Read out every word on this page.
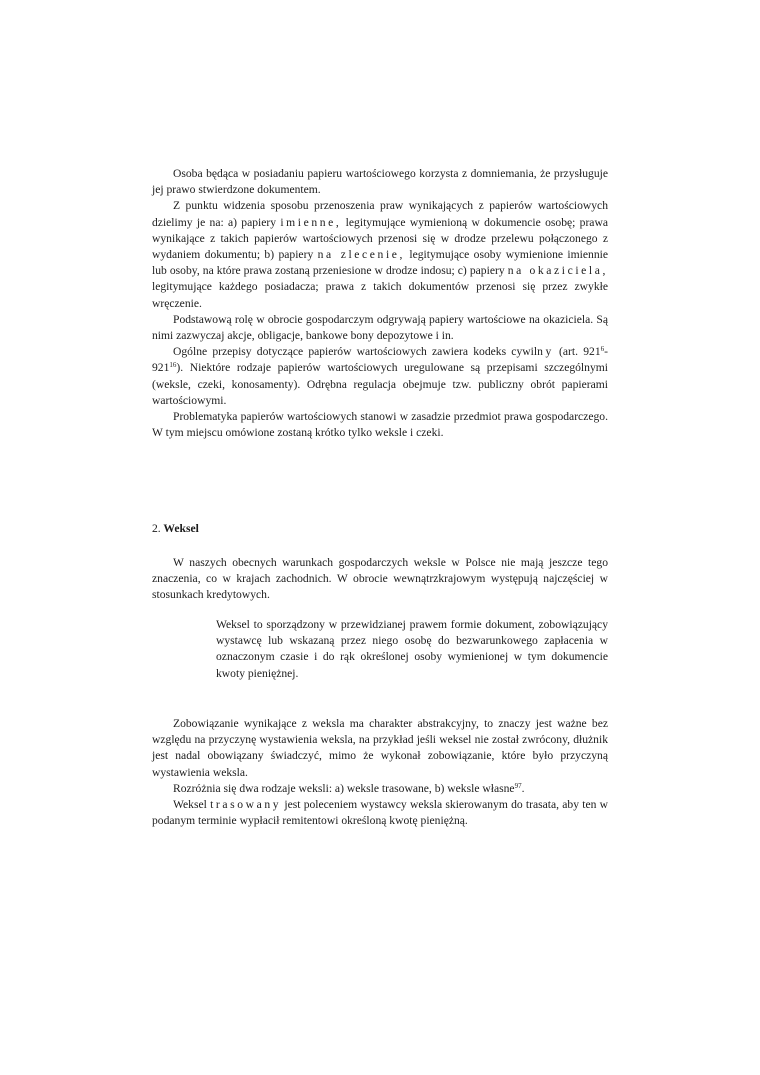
Osoba będąca w posiadaniu papieru wartościowego korzysta z domniemania, że przysługuje jej prawo stwierdzone dokumentem.

Z punktu widzenia sposobu przenoszenia praw wynikających z papierów wartościowych dzielimy je na: a) papiery imienne, legitymujące wymienioną w dokumencie osobę; prawa wynikające z takich papierów wartościowych przenosi się w drodze przelewu połączonego z wydaniem dokumentu; b) papiery na zlecenie, legitymujące osoby wymienione imiennie lub osoby, na które prawa zostaną przeniesione w drodze indosu; c) papiery na okaziciela, legitymujące każdego posiadacza; prawa z takich dokumentów przenosi się przez zwykłe wręczenie.

Podstawową rolę w obrocie gospodarczym odgrywają papiery wartościowe na okaziciela. Są nimi zazwyczaj akcje, obligacje, bankowe bony depozytowe i in.

Ogólne przepisy dotyczące papierów wartościowych zawiera kodeks cywilny (art. $921^6-921^{16}$). Niektóre rodzaje papierów wartościowych uregulowane są przepisami szczególnymi (weksle, czeki, konosamenty). Odrębna regulacja obejmuje tzw. publiczny obrót papierami wartościowymi.

Problematyka papierów wartościowych stanowi w zasadzie przedmiot prawa gospodarczego. W tym miejscu omówione zostaną krótko tylko weksle i czeki.

2. Weksel

W naszych obecnych warunkach gospodarczych weksle w Polsce nie mają jeszcze tego znaczenia, co w krajach zachodnich. W obrocie wewnątrzkrajowym występują najczęściej w stosunkach kredytowych.

Weksel to sporządzony w przewidzianej prawem formie dokument, zobowiązujący wystawcę lub wskazaną przez niego osobę do bezwarunkowego zapłacenia w oznaczonym czasie i do rąk określonej osoby wymienionej w tym dokumencie kwoty pieniężnej.

Zobowiązanie wynikające z weksla ma charakter abstrakcyjny, to znaczy jest ważne bez względu na przyczynę wystawienia weksla, na przykład jeśli weksel nie został zwrócony, dłużnik jest nadal obowiązany świadczyć, mimo że wykonał zobowiązanie, które było przyczyną wystawienia weksla.

Rozróżnia się dwa rodzaje weksli: a) weksle trasowane, b) weksle własne$^{97}$.

Weksel trasowany jest poleceniem wystawcy weksla skierowanym do trasata, aby ten w podanym terminie wypłacił remitentowi określoną kwotę pieniężną.
